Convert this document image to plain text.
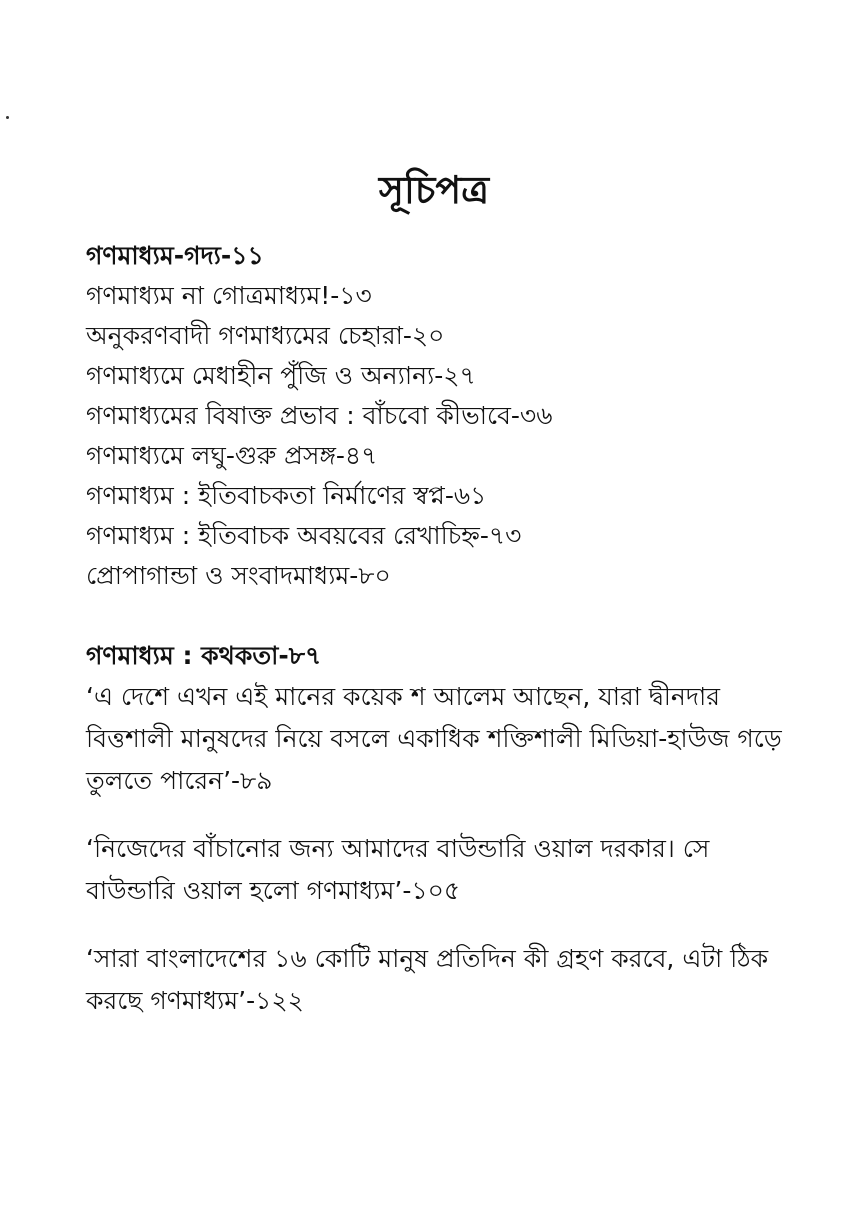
সূচিপত্র
গণমাধ্যম-গদ্য-১১
গণমাধ্যম না গোত্রমাধ্যম!-১৩
অনুকরণবাদী গণমাধ্যমের চেহারা-২০
গণমাধ্যমে মেধাহীন পুঁজি ও অন্যান্য-২৭
গণমাধ্যমের বিষাক্ত প্রভাব : বাঁচবো কীভাবে-৩৬
গণমাধ্যমে লঘু-গুরু প্রসঙ্গ-৪৭
গণমাধ্যম : ইতিবাচকতা নির্মাণের স্বপ্ন-৬১
গণমাধ্যম : ইতিবাচক অবয়বের রেখাচিহ্ন-৭৩
প্রোপাগান্ডা ও সংবাদমাধ্যম-৮০
গণমাধ্যম : কথকতা-৮৭
‘এ দেশে এখন এই মানের কয়েক শ আলেম আছেন, যারা দ্বীনদার বিত্তশালী মানুষদের নিয়ে বসলে একাধিক শক্তিশালী মিডিয়া-হাউজ গড়ে তুলতে পারেন’-৮৯
‘নিজেদের বাঁচানোর জন্য আমাদের বাউন্ডারি ওয়াল দরকার। সে বাউন্ডারি ওয়াল হলো গণমাধ্যম’-১০৫
‘সারা বাংলাদেশের ১৬ কোটি মানুষ প্রতিদিন কী গ্রহণ করবে, এটা ঠিক করছে গণমাধ্যম’-১২২
